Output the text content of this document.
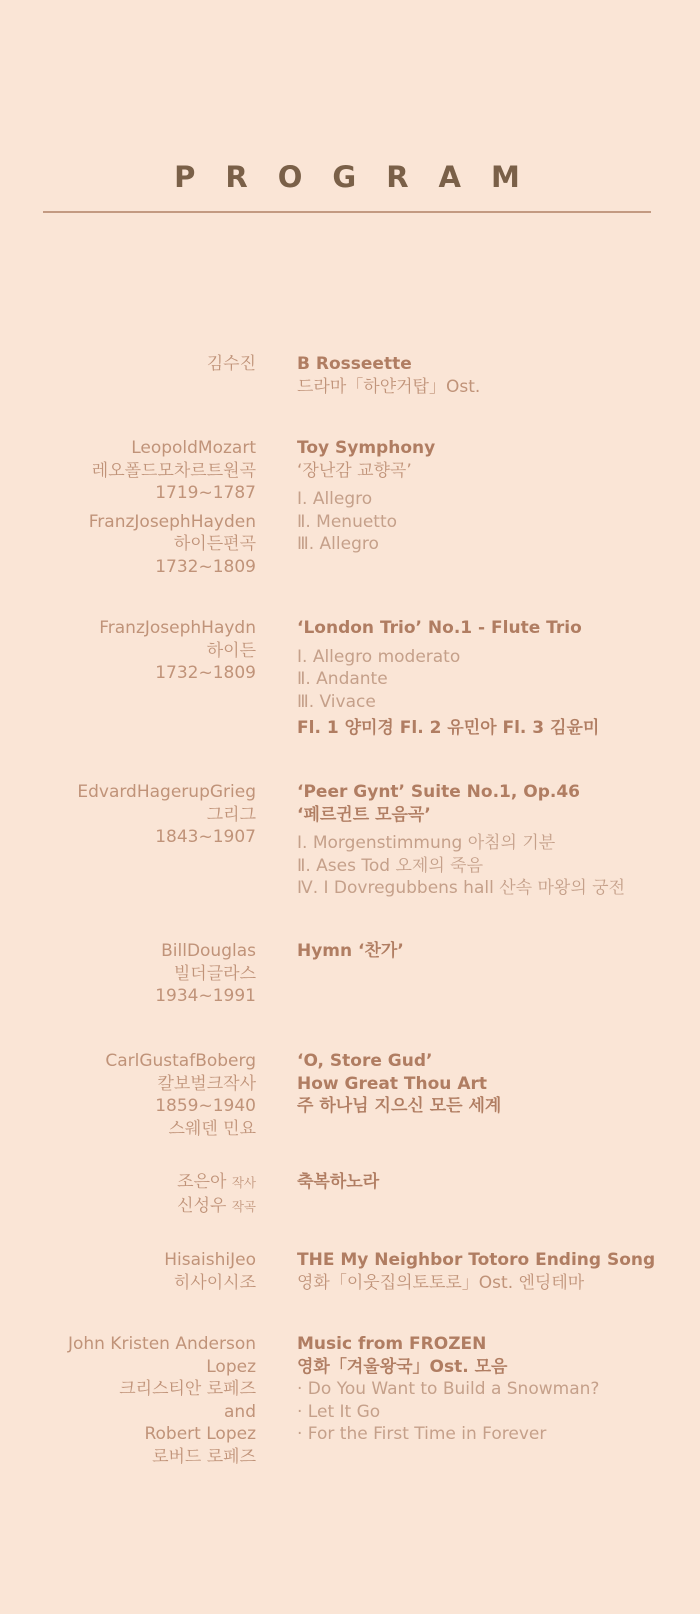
PROGRAM
김수진 B Rosseette
드라마「하얀거탑」Ost.
LeopoldMozart
레오폴드모차르트원곡
1719~1787
FranzJosephHayden
하이든편곡
1732~1809
Toy Symphony
‘장난감 교향곡’
Ⅰ. Allegro
Ⅱ. Menuetto
Ⅲ. Allegro
FranzJosephHaydn
하이든
1732~1809
‘London Trio’ No.1 - Flute Trio
Ⅰ. Allegro moderato
Ⅱ. Andante
Ⅲ. Vivace
Fl. 1 양미경 Fl. 2 유민아 Fl. 3 김윤미
EdvardHagerupGrieg
그리그
1843~1907
‘Peer Gynt’ Suite No.1, Op.46
‘페르귄트 모음곡’
Ⅰ. Morgenstimmung 아침의 기분
Ⅱ. Ases Tod 오제의 죽음
Ⅳ. I Dovregubbens hall 산속 마왕의 궁전
BillDouglas
빌더글라스
1934~1991
Hymn ‘찬가’
CarlGustafBoberg
칼보벌크작사
1859~1940
스웨덴 민요
‘O, Store Gud’
How Great Thou Art
주 하나님 지으신 모든 세계
조은아 작사
신성우 작곡
축복하노라
HisaishiJeo
히사이시조
THE My Neighbor Totoro Ending Song
영화「이웃집의토토로」Ost. 엔딩테마
John Kristen Anderson
Lopez
크리스티안 로페즈
and
Robert Lopez
로버드 로페즈
Music from FROZEN
영화「겨울왕국」Ost. 모음
· Do You Want to Build a Snowman?
· Let It Go
· For the First Time in Forever
